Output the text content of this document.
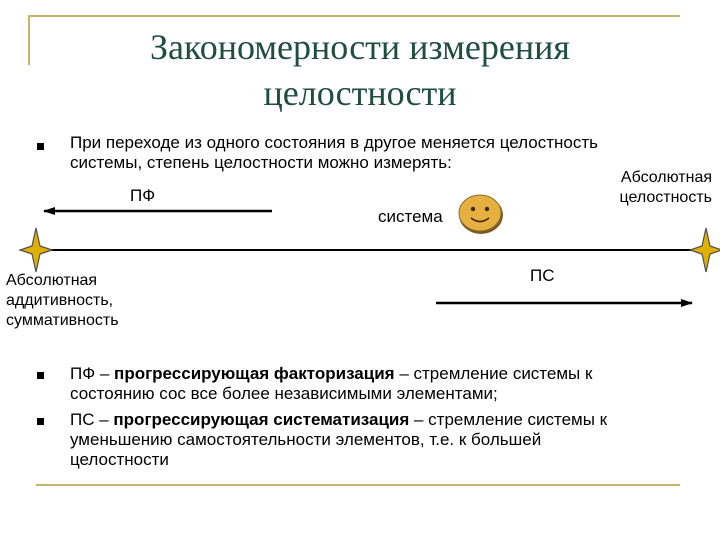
Закономерности измерения
целостности
При переходе из одного состояния в другое меняется целостность
системы, степень целостности можно измерять:
Абсолютная
целостность
ПФ
система
ПС
Абсолютная
аддитивность,
суммативность
ПФ – прогрессирующая факторизация – стремление системы к
состоянию сос все более независимыми элементами;
ПС – прогрессирующая систематизация – стремление системы к
уменьшению самостоятельности элементов, т.е. к большей
целостности
